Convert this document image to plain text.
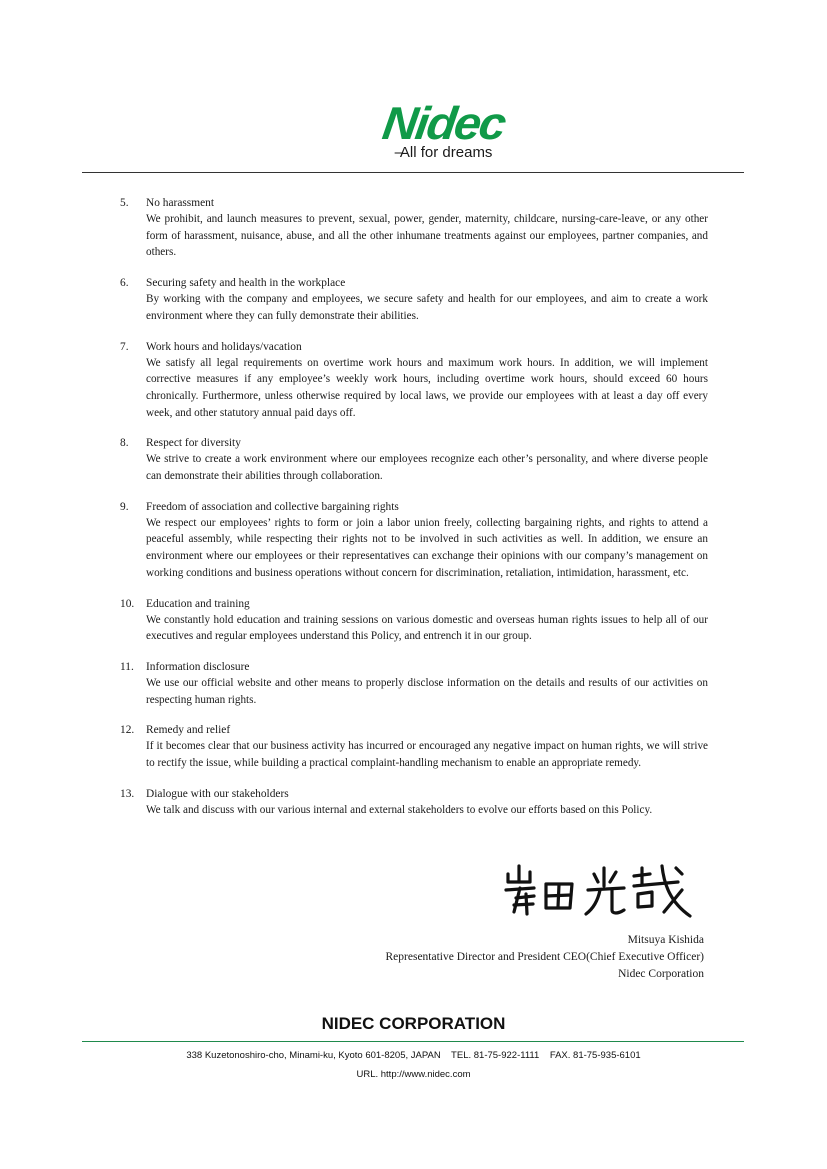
Nidec
–All for dreams
5.	No harassment
We prohibit, and launch measures to prevent, sexual, power, gender, maternity, childcare, nursing-care-leave, or any other form of harassment, nuisance, abuse, and all the other inhumane treatments against our employees, partner companies, and others.
6.	Securing safety and health in the workplace
By working with the company and employees, we secure safety and health for our employees, and aim to create a work environment where they can fully demonstrate their abilities.
7.	Work hours and holidays/vacation
We satisfy all legal requirements on overtime work hours and maximum work hours. In addition, we will implement corrective measures if any employee’s weekly work hours, including overtime work hours, should exceed 60 hours chronically. Furthermore, unless otherwise required by local laws, we provide our employees with at least a day off every week, and other statutory annual paid days off.
8.	Respect for diversity
We strive to create a work environment where our employees recognize each other’s personality, and where diverse people can demonstrate their abilities through collaboration.
9.	Freedom of association and collective bargaining rights
We respect our employees’ rights to form or join a labor union freely, collecting bargaining rights, and rights to attend a peaceful assembly, while respecting their rights not to be involved in such activities as well. In addition, we ensure an environment where our employees or their representatives can exchange their opinions with our company’s management on working conditions and business operations without concern for discrimination, retaliation, intimidation, harassment, etc.
10.	Education and training
We constantly hold education and training sessions on various domestic and overseas human rights issues to help all of our executives and regular employees understand this Policy, and entrench it in our group.
11.	Information disclosure
We use our official website and other means to properly disclose information on the details and results of our activities on respecting human rights.
12.	Remedy and relief
If it becomes clear that our business activity has incurred or encouraged any negative impact on human rights, we will strive to rectify the issue, while building a practical complaint-handling mechanism to enable an appropriate remedy.
13.	Dialogue with our stakeholders
We talk and discuss with our various internal and external stakeholders to evolve our efforts based on this Policy.
Mitsuya Kishida
Representative Director and President CEO(Chief Executive Officer)
Nidec Corporation
NIDEC CORPORATION
338 Kuzetonoshiro-cho, Minami-ku, Kyoto 601-8205, JAPAN    TEL. 81-75-922-1111    FAX. 81-75-935-6101
URL. http://www.nidec.com
